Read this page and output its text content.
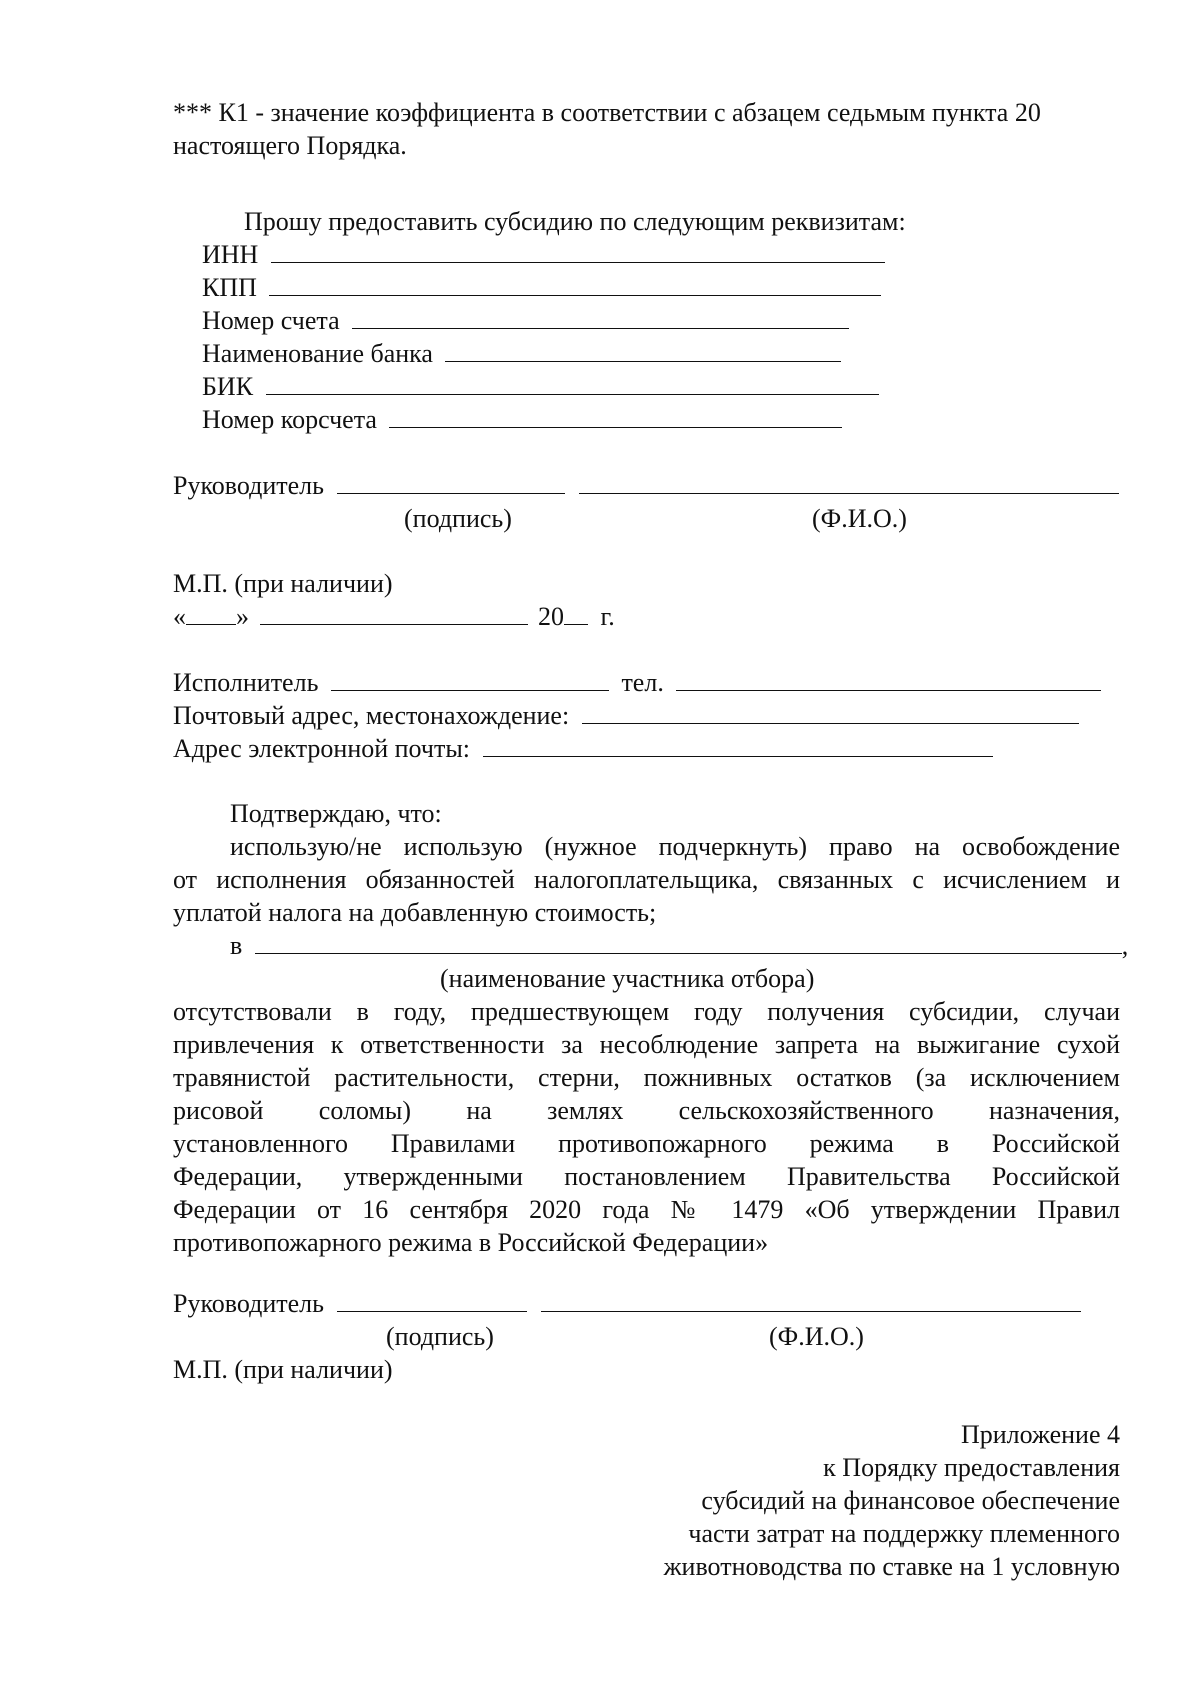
*** К1 - значение коэффициента в соответствии с абзацем седьмым пункта 20
настоящего Порядка.
Прошу предоставить субсидию по следующим реквизитам:
ИНН
КПП
Номер счета
Наименование банка
БИК
Номер корсчета
Руководитель
(подпись)	(Ф.И.О.)
М.П. (при наличии)
« »	20 г.
Исполнитель	тел.
Почтовый адрес, местонахождение:
Адрес электронной почты:
Подтверждаю, что:
использую/не использую (нужное подчеркнуть) право на освобождение
от исполнения обязанностей налогоплательщика, связанных с исчислением и
уплатой налога на добавленную стоимость;
в	,
(наименование участника отбора)
отсутствовали в году, предшествующем году получения субсидии, случаи
привлечения к ответственности за несоблюдение запрета на выжигание сухой
травянистой растительности, стерни, пожнивных остатков (за исключением
рисовой соломы) на землях сельскохозяйственного назначения,
установленного Правилами противопожарного режима в Российской
Федерации, утвержденными постановлением Правительства Российской
Федерации от 16 сентября 2020 года № 1479 «Об утверждении Правил
противопожарного режима в Российской Федерации»
Руководитель
(подпись)	(Ф.И.О.)
М.П. (при наличии)
Приложение 4
к Порядку предоставления
субсидий на финансовое обеспечение
части затрат на поддержку племенного
животноводства по ставке на 1 условную
